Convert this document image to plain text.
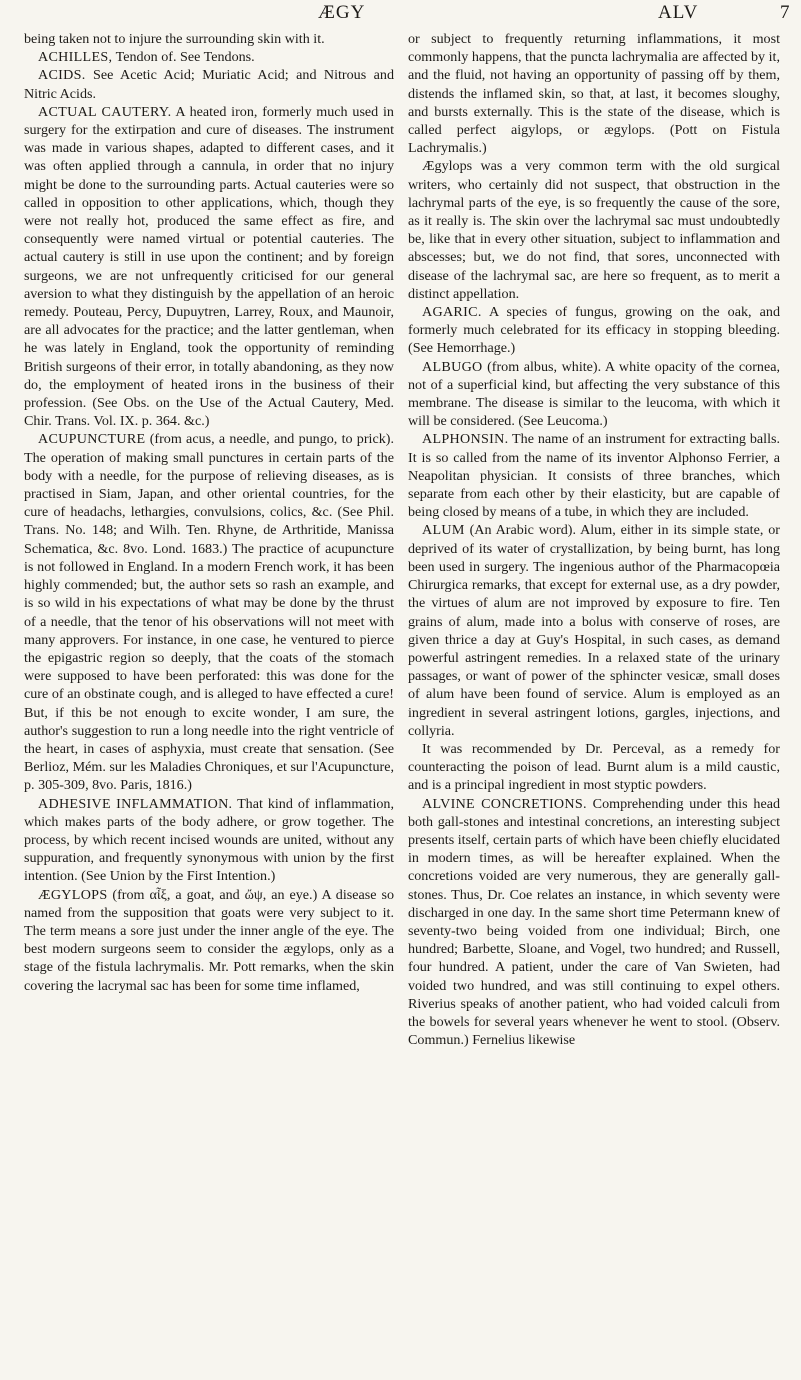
ÆGY	ALV	7

being taken not to injure the surrounding skin with it.

ACHILLES, Tendon of. See Tendons.

ACIDS. See Acetic Acid; Muriatic Acid; and Nitrous and Nitric Acids.

ACTUAL CAUTERY. A heated iron, formerly much used in surgery for the extirpation and cure of diseases. The instrument was made in various shapes, adapted to different cases, and it was often applied through a cannula, in order that no injury might be done to the surrounding parts. Actual cauteries were so called in opposition to other applications, which, though they were not really hot, produced the same effect as fire, and consequently were named virtual or potential cauteries. The actual cautery is still in use upon the continent; and by foreign surgeons, we are not unfrequently criticised for our general aversion to what they distinguish by the appellation of an heroic remedy. Pouteau, Percy, Dupuytren, Larrey, Roux, and Maunoir, are all advocates for the practice; and the latter gentleman, when he was lately in England, took the opportunity of reminding British surgeons of their error, in totally abandoning, as they now do, the employment of heated irons in the business of their profession. (See Obs. on the Use of the Actual Cautery, Med. Chir. Trans. Vol. IX. p. 364. &c.)

ACUPUNCTURE (from acus, a needle, and pungo, to prick). The operation of making small punctures in certain parts of the body with a needle, for the purpose of relieving diseases, as is practised in Siam, Japan, and other oriental countries, for the cure of headachs, lethargies, convulsions, colics, &c. (See Phil. Trans. No. 148; and Wilh. Ten. Rhyne, de Arthritide, Manissa Schematica, &c. 8vo. Lond. 1683.) The practice of acupuncture is not followed in England. In a modern French work, it has been highly commended; but, the author sets so rash an example, and is so wild in his expectations of what may be done by the thrust of a needle, that the tenor of his observations will not meet with many approvers. For instance, in one case, he ventured to pierce the epigastric region so deeply, that the coats of the stomach were supposed to have been perforated: this was done for the cure of an obstinate cough, and is alleged to have effected a cure! But, if this be not enough to excite wonder, I am sure, the author's suggestion to run a long needle into the right ventricle of the heart, in cases of asphyxia, must create that sensation. (See Berlioz, Mém. sur les Maladies Chroniques, et sur l'Acupuncture, p. 305-309, 8vo. Paris, 1816.)

ADHESIVE INFLAMMATION. That kind of inflammation, which makes parts of the body adhere, or grow together. The process, by which recent incised wounds are united, without any suppuration, and frequently synonymous with union by the first intention. (See Union by the First Intention.)

ÆGYLOPS (from αἶξ, a goat, and ὤψ, an eye.) A disease so named from the supposition that goats were very subject to it. The term means a sore just under the inner angle of the eye. The best modern surgeons seem to consider the ægylops, only as a stage of the fistula lachrymalis. Mr. Pott remarks, when the skin covering the lacrymal sac has been for some time inflamed,

or subject to frequently returning inflammations, it most commonly happens, that the puncta lachrymalia are affected by it, and the fluid, not having an opportunity of passing off by them, distends the inflamed skin, so that, at last, it becomes sloughy, and bursts externally. This is the state of the disease, which is called perfect aigylops, or ægylops. (Pott on Fistula Lachrymalis.)

Ægylops was a very common term with the old surgical writers, who certainly did not suspect, that obstruction in the lachrymal parts of the eye, is so frequently the cause of the sore, as it really is. The skin over the lachrymal sac must undoubtedly be, like that in every other situation, subject to inflammation and abscesses; but, we do not find, that sores, unconnected with disease of the lachrymal sac, are here so frequent, as to merit a distinct appellation.

AGARIC. A species of fungus, growing on the oak, and formerly much celebrated for its efficacy in stopping bleeding. (See Hemorrhage.)

ALBUGO (from albus, white). A white opacity of the cornea, not of a superficial kind, but affecting the very substance of this membrane. The disease is similar to the leucoma, with which it will be considered. (See Leucoma.)

ALPHONSIN. The name of an instrument for extracting balls. It is so called from the name of its inventor Alphonso Ferrier, a Neapolitan physician. It consists of three branches, which separate from each other by their elasticity, but are capable of being closed by means of a tube, in which they are included.

ALUM (An Arabic word). Alum, either in its simple state, or deprived of its water of crystallization, by being burnt, has long been used in surgery. The ingenious author of the Pharmacopœia Chirurgica remarks, that except for external use, as a dry powder, the virtues of alum are not improved by exposure to fire. Ten grains of alum, made into a bolus with conserve of roses, are given thrice a day at Guy's Hospital, in such cases, as demand powerful astringent remedies. In a relaxed state of the urinary passages, or want of power of the sphincter vesicæ, small doses of alum have been found of service. Alum is employed as an ingredient in several astringent lotions, gargles, injections, and collyria.

It was recommended by Dr. Perceval, as a remedy for counteracting the poison of lead. Burnt alum is a mild caustic, and is a principal ingredient in most styptic powders.

ALVINE CONCRETIONS. Comprehending under this head both gall-stones and intestinal concretions, an interesting subject presents itself, certain parts of which have been chiefly elucidated in modern times, as will be hereafter explained. When the concretions voided are very numerous, they are generally gall-stones. Thus, Dr. Coe relates an instance, in which seventy were discharged in one day. In the same short time Petermann knew of seventy-two being voided from one individual; Birch, one hundred; Barbette, Sloane, and Vogel, two hundred; and Russell, four hundred. A patient, under the care of Van Swieten, had voided two hundred, and was still continuing to expel others. Riverius speaks of another patient, who had voided calculi from the bowels for several years whenever he went to stool. (Observ. Commun.) Fernelius likewise
